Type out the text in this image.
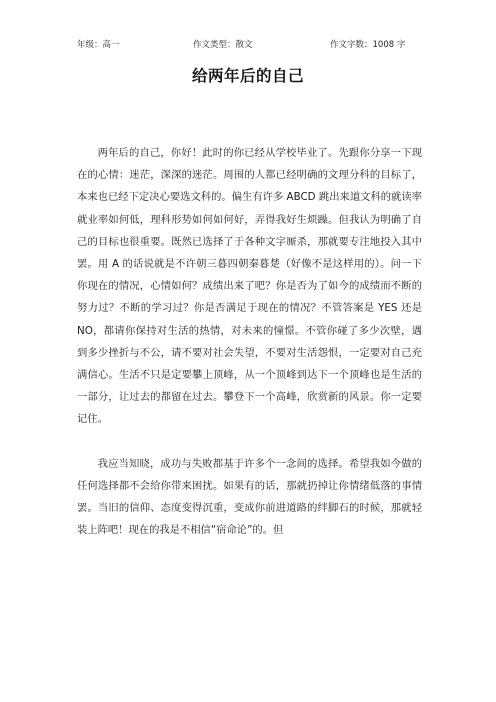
年级：高一	作文类型：散文	作文字数：1008 字
给两年后的自己

两年后的自己，你好！此时的你已经从学校毕业了。先跟你分享一下现在的心情：迷茫，深深的迷茫。周围的人都已经明确的文理分科的目标了，本来也已经下定决心要选文科的。偏生有许多 ABCD 跳出来道文科的就读率就业率如何低，理科形势如何如何好，弄得我好生烦躁。但我认为明确了自己的目标也很重要。既然已选择了于各种文字厮杀，那就要专注地投入其中罢。用 A 的话说就是不许朝三暮四朝秦暮楚（好像不是这样用的）。问一下你现在的情况，心情如何？成绩出来了吧？你是否为了如今的成绩而不断的努力过？不断的学习过？你是否满足于现在的情况？不管答案是 YES 还是 NO，都请你保持对生活的热情，对未来的憧憬。不管你碰了多少次壁，遇到多少挫折与不公，请不要对社会失望，不要对生活怨恨，一定要对自己充满信心。生活不只是定要攀上顶峰，从一个顶峰到达下一个顶峰也是生活的一部分，让过去的都留在过去。攀登下一个高峰，欣赏新的风景。你一定要记住。

我应当知晓，成功与失败都基于许多个一念间的选择。希望我如今做的任何选择都不会给你带来困扰。如果有的话，那就扔掉让你情绪低落的事情罢。当旧的信仰、态度变得沉重，变成你前进道路的绊脚石的时候，那就轻装上阵吧！现在的我是不相信“宿命论”的。但
